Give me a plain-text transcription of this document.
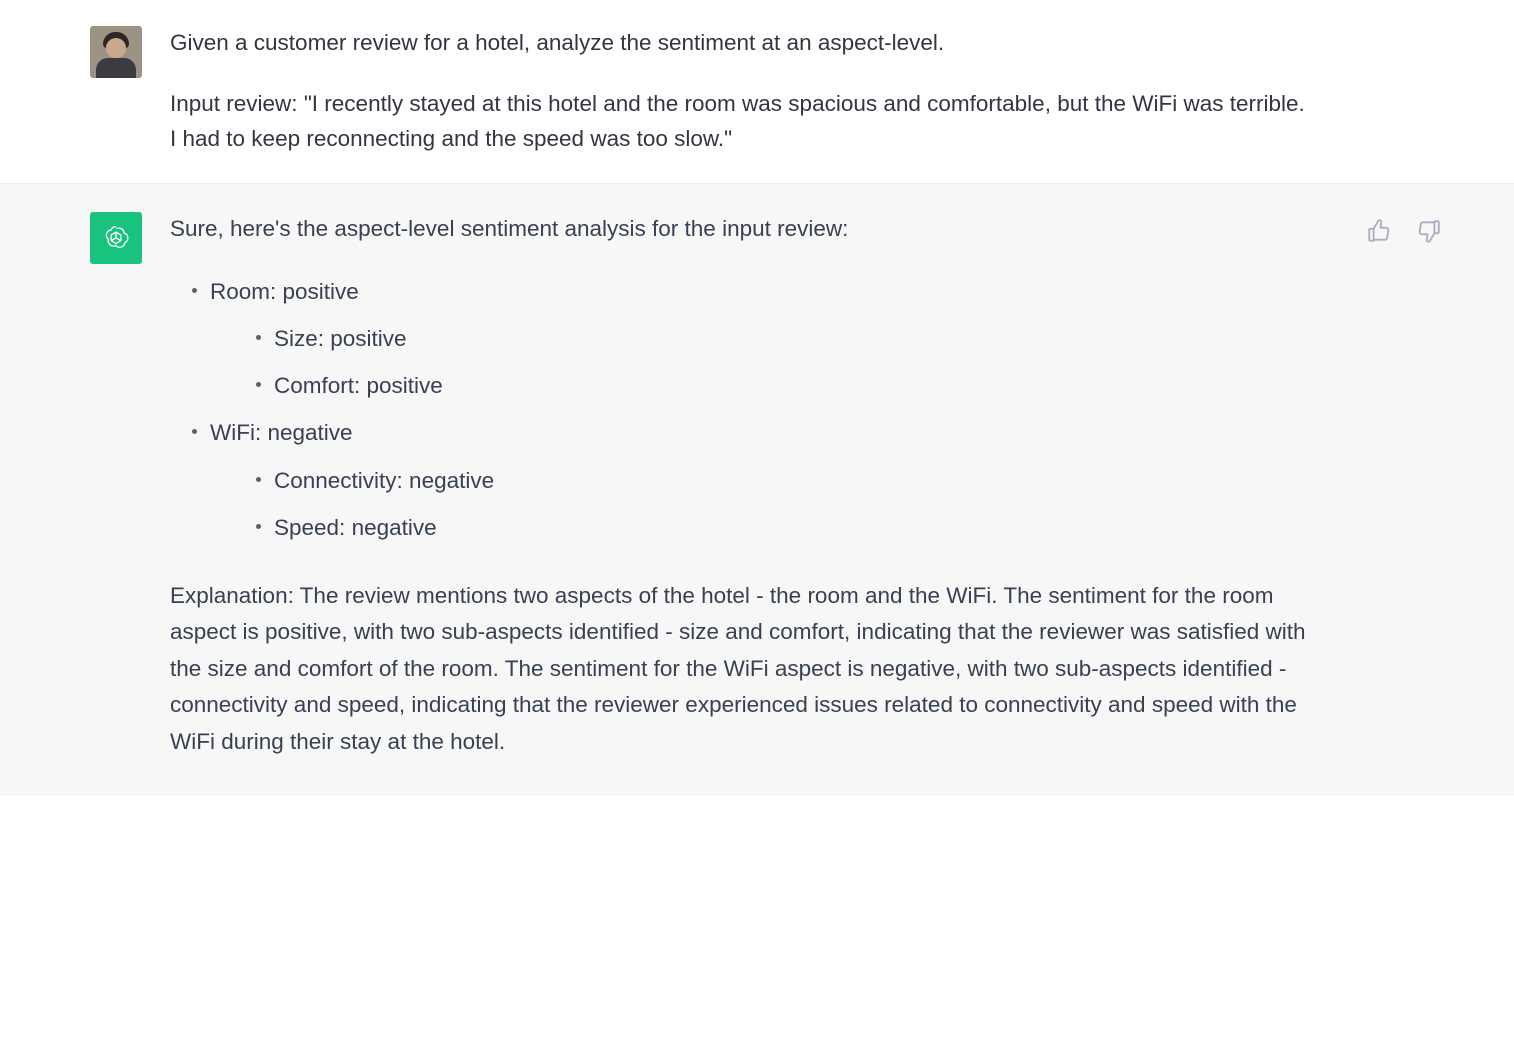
Given a customer review for a hotel, analyze the sentiment at an aspect-level.

Input review: "I recently stayed at this hotel and the room was spacious and comfortable, but the WiFi was terrible. I had to keep reconnecting and the speed was too slow."

Sure, here's the aspect-level sentiment analysis for the input review:

Room: positive
Size: positive
Comfort: positive
WiFi: negative
Connectivity: negative
Speed: negative

Explanation: The review mentions two aspects of the hotel - the room and the WiFi. The sentiment for the room aspect is positive, with two sub-aspects identified - size and comfort, indicating that the reviewer was satisfied with the size and comfort of the room. The sentiment for the WiFi aspect is negative, with two sub-aspects identified - connectivity and speed, indicating that the reviewer experienced issues related to connectivity and speed with the WiFi during their stay at the hotel.
